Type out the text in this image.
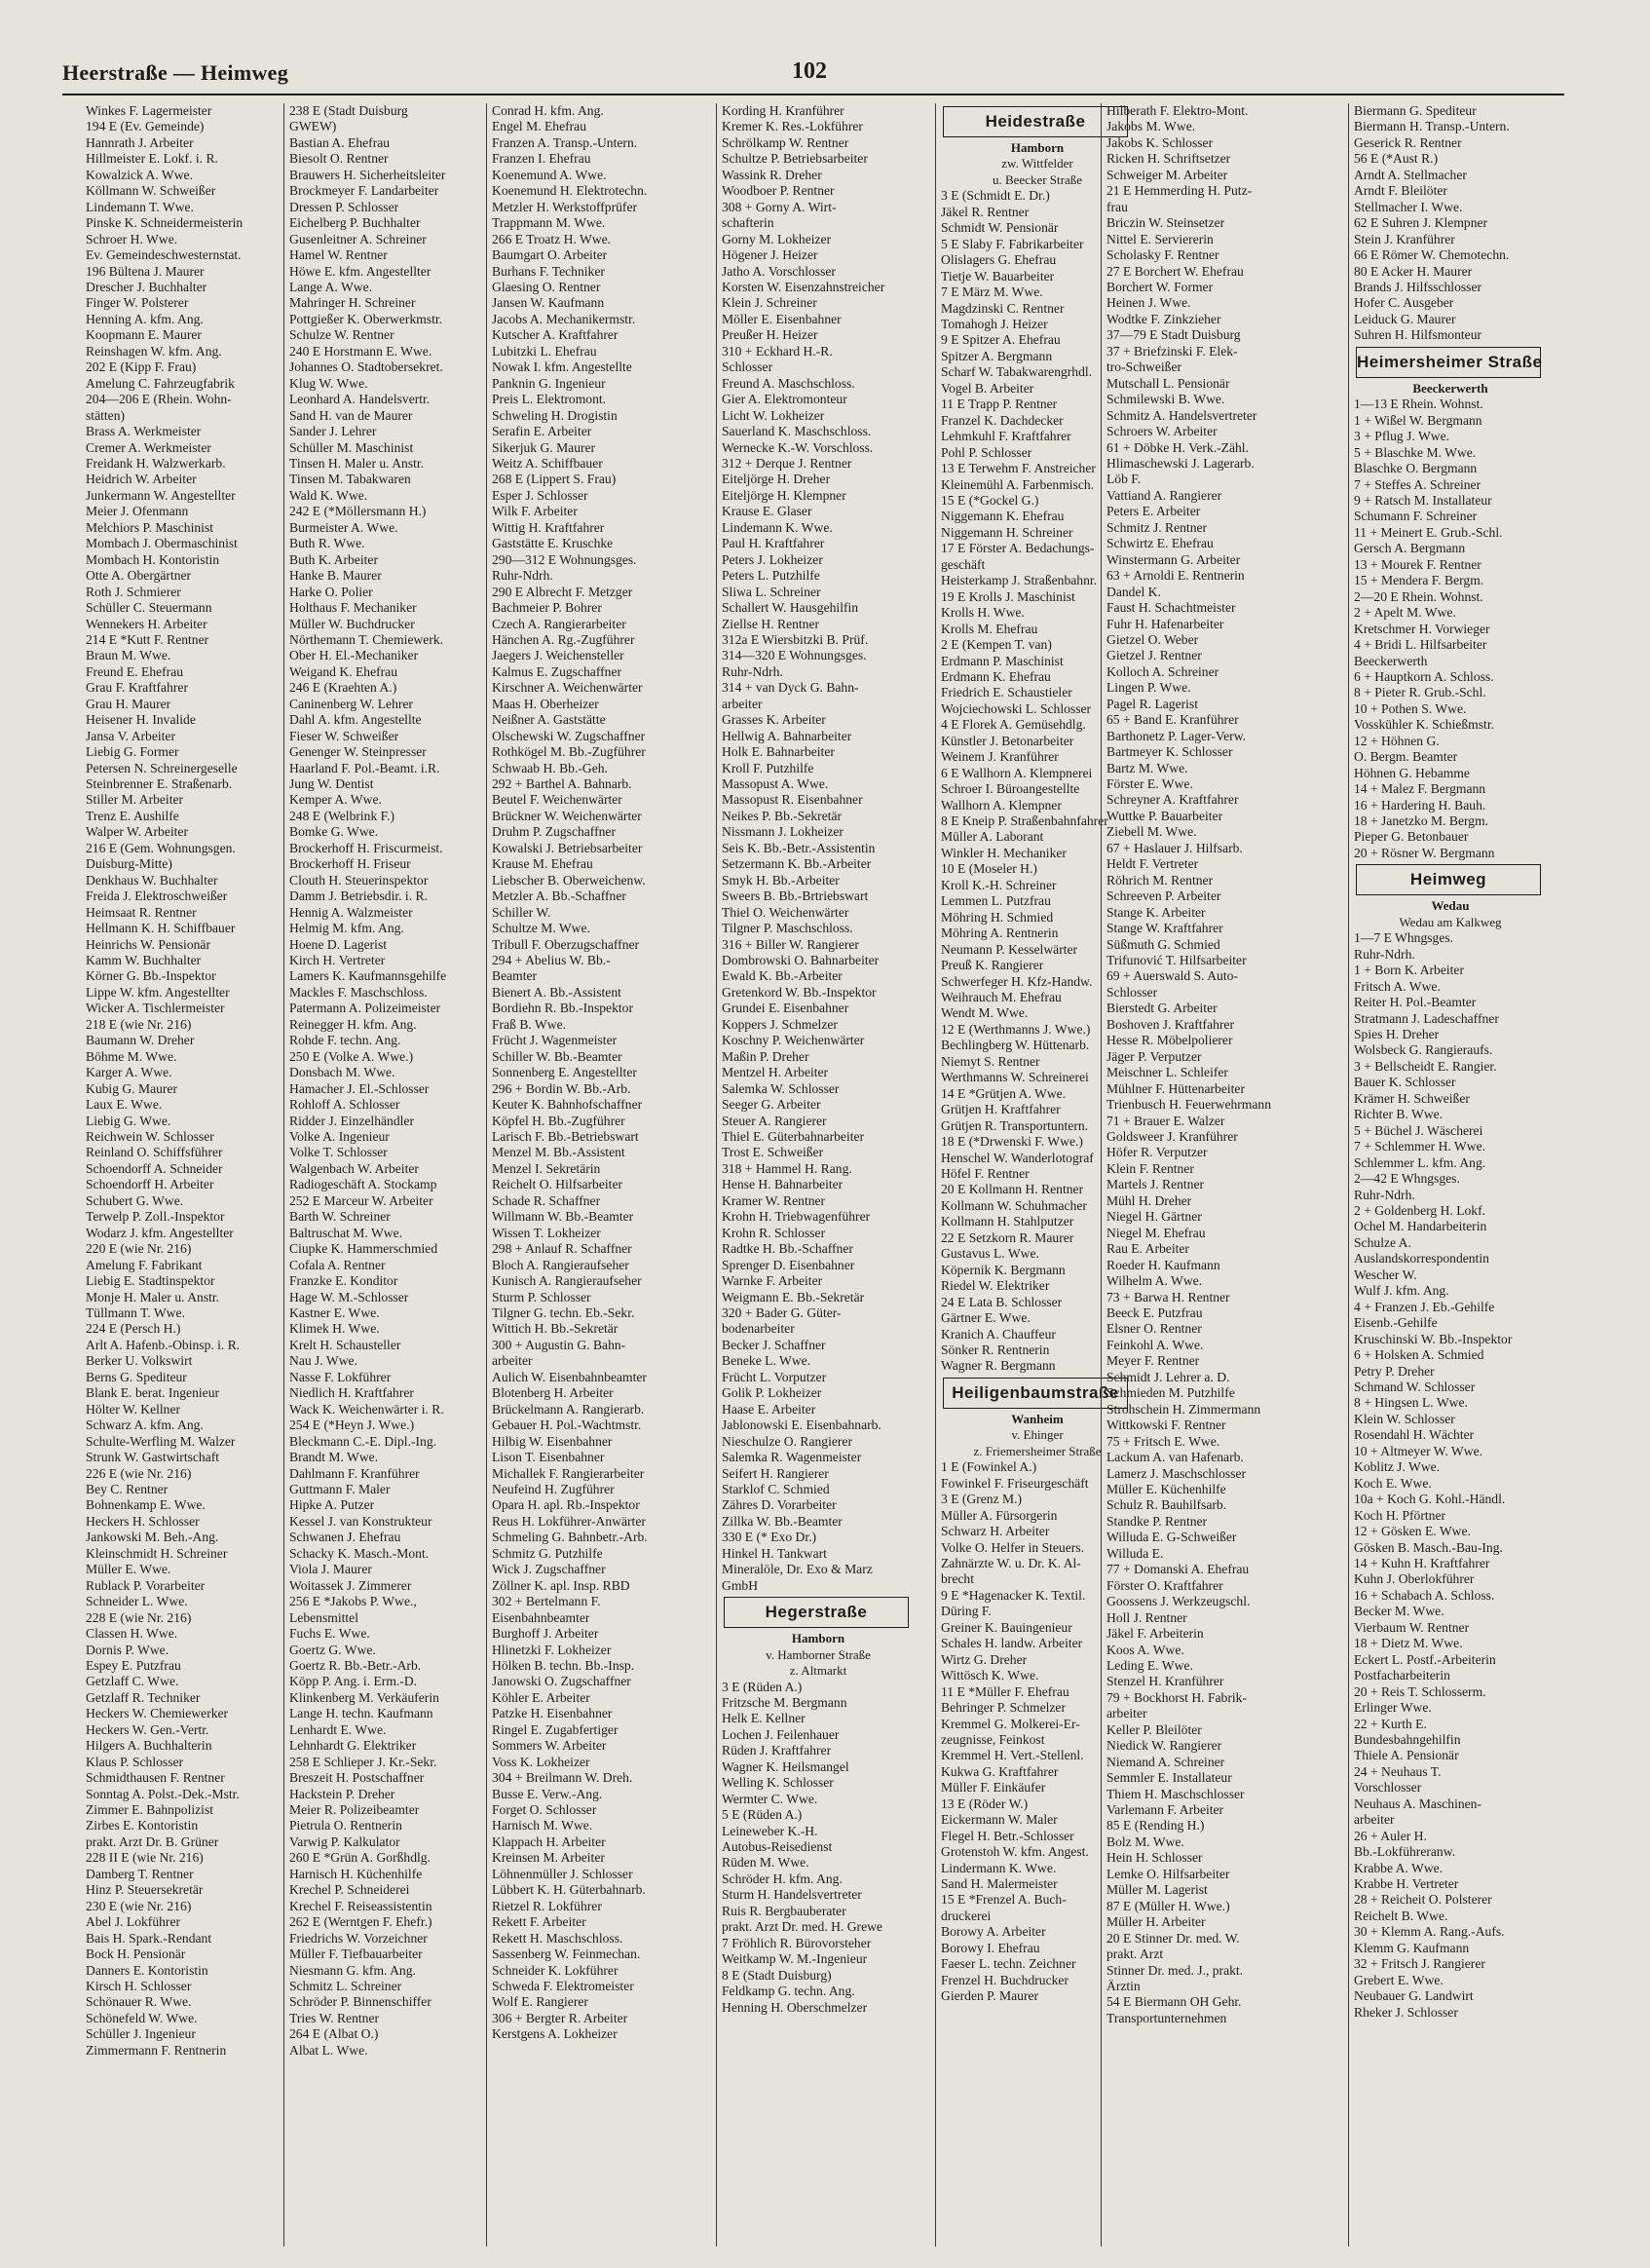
Heerstraße — Heimweg	102
Winkes F. Lagermeister
194 E (Ev. Gemeinde)
Hannrath J. Arbeiter
Hillmeister E. Lokf. i. R.
Kowalzick A. Wwe.
Köllmann W. Schweißer
Lindemann T. Wwe.
Pinske K. Schneidermeisterin
Schroer H. Wwe.
Ev. Gemeindeschwesternstat.
196 Bültena J. Maurer
Drescher J. Buchhalter
Finger W. Polsterer
Henning A. kfm. Ang.
Koopmann E. Maurer
Reinshagen W. kfm. Ang.
202 E (Kipp F. Frau)
Amelung C. Fahrzeugfabrik
204—206 E (Rhein. Wohn-
stätten)
Brass A. Werkmeister
Cremer A. Werkmeister
Freidank H. Walzwerkarb.
Heidrich W. Arbeiter
Junkermann W. Angestellter
Meier J. Ofenmann
Melchiors P. Maschinist
Mombach J. Obermaschinist
Mombach H. Kontoristin
Otte A. Obergärtner
Roth J. Schmierer
Schüller C. Steuermann
Wennekers H. Arbeiter
214 E *Kutt F. Rentner
Braun M. Wwe.
Freund E. Ehefrau
Grau F. Kraftfahrer
Grau H. Maurer
Heisener H. Invalide
Jansa V. Arbeiter
Liebig G. Former
Petersen N. Schreinergeselle
Steinbrenner E. Straßenarb.
Stiller M. Arbeiter
Trenz E. Aushilfe
Walper W. Arbeiter
216 E (Gem. Wohnungsgen.
Duisburg-Mitte)
Denkhaus W. Buchhalter
Freida J. Elektroschweißer
Heimsaat R. Rentner
Hellmann K. H. Schiffbauer
Heinrichs W. Pensionär
Kamm W. Buchhalter
Körner G. Bb.-Inspektor
Lippe W. kfm. Angestellter
Wicker A. Tischlermeister
218 E (wie Nr. 216)
Baumann W. Dreher
Böhme M. Wwe.
Karger A. Wwe.
Kubig G. Maurer
Laux E. Wwe.
Liebig G. Wwe.
Reichwein W. Schlosser
Reinland O. Schiffsführer
Schoendorff A. Schneider
Schoendorff H. Arbeiter
Schubert G. Wwe.
Terwelp P. Zoll.-Inspektor
Wodarz J. kfm. Angestellter
220 E (wie Nr. 216)
Amelung F. Fabrikant
Liebig E. Stadtinspektor
Monje H. Maler u. Anstr.
Tüllmann T. Wwe.
224 E (Persch H.)
Arlt A. Hafenb.-Obinsp. i. R.
Berker U. Volkswirt
Berns G. Spediteur
Blank E. berat. Ingenieur
Hölter W. Kellner
Schwarz A. kfm. Ang.
Schulte-Werfling M. Walzer
Strunk W. Gastwirtschaft
226 E (wie Nr. 216)
Bey C. Rentner
Bohnenkamp E. Wwe.
Heckers H. Schlosser
Jankowski M. Beh.-Ang.
Kleinschmidt H. Schreiner
Müller E. Wwe.
Rublack P. Vorarbeiter
Schneider L. Wwe.
228 E (wie Nr. 216)
Classen H. Wwe.
Dornis P. Wwe.
Espey E. Putzfrau
Getzlaff C. Wwe.
Getzlaff R. Techniker
Heckers W. Chemiewerker
Heckers W. Gen.-Vertr.
Hilgers A. Buchhalterin
Klaus P. Schlosser
Schmidthausen F. Rentner
Sonntag A. Polst.-Dek.-Mstr.
Zimmer E. Bahnpolizist
Zirbes E. Kontoristin
prakt. Arzt Dr. B. Grüner
228 II E (wie Nr. 216)
Damberg T. Rentner
Hinz P. Steuersekretär
230 E (wie Nr. 216)
Abel J. Lokführer
Bais H. Spark.-Rendant
Bock H. Pensionär
Danners E. Kontoristin
Kirsch H. Schlosser
Schönauer R. Wwe.
Schönefeld W. Wwe.
Schüller J. Ingenieur
Zimmermann F. Rentnerin
238 E (Stadt Duisburg
GWEW)
Bastian A. Ehefrau
Biesolt O. Rentner
Brauwers H. Sicherheitsleiter
Brockmeyer F. Landarbeiter
Dressen P. Schlosser
Eichelberg P. Buchhalter
Gusenleitner A. Schreiner
Hamel W. Rentner
Höwe E. kfm. Angestellter
Lange A. Wwe.
Mahringer H. Schreiner
Pottgießer K. Oberwerkmstr.
Schulze W. Rentner
240 E Horstmann E. Wwe.
Johannes O. Stadtobersekret.
Klug W. Wwe.
Leonhard A. Handelsvertr.
Sand H. van de Maurer
Sander J. Lehrer
Schüller M. Maschinist
Tinsen H. Maler u. Anstr.
Tinsen M. Tabakwaren
Wald K. Wwe.
242 E (*Möllersmann H.)
Burmeister A. Wwe.
Buth R. Wwe.
Buth K. Arbeiter
Hanke B. Maurer
Harke O. Polier
Holthaus F. Mechaniker
Müller W. Buchdrucker
Nörthemann T. Chemiewerk.
Ober H. El.-Mechaniker
Weigand K. Ehefrau
246 E (Kraehten A.)
Caninenberg W. Lehrer
Dahl A. kfm. Angestellte
Fieser W. Schweißer
Genenger W. Steinpresser
Haarland F. Pol.-Beamt. i.R.
Jung W. Dentist
Kemper A. Wwe.
248 E (Welbrink F.)
Bomke G. Wwe.
Brockerhoff H. Friscurmeist.
Brockerhoff H. Friseur
Clouth H. Steuerinspektor
Damm J. Betriebsdir. i. R.
Hennig A. Walzmeister
Helmig M. kfm. Ang.
Hoene D. Lagerist
Kirch H. Vertreter
Lamers K. Kaufmannsgehilfe
Mackles F. Maschschloss.
Patermann A. Polizeimeister
Reinegger H. kfm. Ang.
Rohde F. techn. Ang.
250 E (Volke A. Wwe.)
Donsbach M. Wwe.
Hamacher J. El.-Schlosser
Rohloff A. Schlosser
Ridder J. Einzelhändler
Volke A. Ingenieur
Volke T. Schlosser
Walgenbach W. Arbeiter
Radiogeschäft A. Stockamp
252 E Marceur W. Arbeiter
Barth W. Schreiner
Baltruschat M. Wwe.
Ciupke K. Hammerschmied
Cofala A. Rentner
Franzke E. Konditor
Hage W. M.-Schlosser
Kastner E. Wwe.
Klimek H. Wwe.
Krelt H. Schausteller
Nau J. Wwe.
Nasse F. Lokführer
Niedlich H. Kraftfahrer
Wack K. Weichenwärter i. R.
254 E (*Heyn J. Wwe.)
Bleckmann C.-E. Dipl.-Ing.
Brandt M. Wwe.
Dahlmann F. Kranführer
Guttmann F. Maler
Hipke A. Putzer
Kessel J. van Konstrukteur
Schwanen J. Ehefrau
Schacky K. Masch.-Mont.
Viola J. Maurer
Woitassek J. Zimmerer
256 E *Jakobs P. Wwe.,
Lebensmittel
Fuchs E. Wwe.
Goertz G. Wwe.
Goertz R. Bb.-Betr.-Arb.
Köpp P. Ang. i. Erm.-D.
Klinkenberg M. Verkäuferin
Lange H. techn. Kaufmann
Lenhardt E. Wwe.
Lehnhardt G. Elektriker
258 E Schlieper J. Kr.-Sekr.
Breszeit H. Postschaffner
Hackstein P. Dreher
Meier R. Polizeibeamter
Pietrula O. Rentnerin
Varwig P. Kalkulator
260 E *Grün A. Gorßhdlg.
Harnisch H. Küchenhilfe
Krechel P. Schneiderei
Krechel F. Reiseassistentin
262 E (Werntgen F. Ehefr.)
Friedrichs W. Vorzeichner
Müller F. Tiefbauarbeiter
Niesmann G. kfm. Ang.
Schmitz L. Schreiner
Schröder P. Binnenschiffer
Tries W. Rentner
264 E (Albat O.)
Albat L. Wwe.
Conrad H. kfm. Ang.
Engel M. Ehefrau
Franzen A. Transp.-Untern.
Franzen I. Ehefrau
Koenemund A. Wwe.
Koenemund H. Elektrotechn.
Metzler H. Werkstoffprüfer
Trappmann M. Wwe.
266 E Troatz H. Wwe.
Baumgart O. Arbeiter
Burhans F. Techniker
Glaesing O. Rentner
Jansen W. Kaufmann
Jacobs A. Mechanikermstr.
Kutscher A. Kraftfahrer
Lubitzki L. Ehefrau
Nowak I. kfm. Angestellte
Panknin G. Ingenieur
Preis L. Elektromont.
Schweling H. Drogistin
Serafin E. Arbeiter
Sikerjuk G. Maurer
Weitz A. Schiffbauer
268 E (Lippert S. Frau)
Esper J. Schlosser
Wilk F. Arbeiter
Wittig H. Kraftfahrer
Gaststätte E. Kruschke
290—312 E Wohnungsges.
Ruhr-Ndrh.
290 E Albrecht F. Metzger
Bachmeier P. Bohrer
Czech A. Rangierarbeiter
Hänchen A. Rg.-Zugführer
Jaegers J. Weichensteller
Kalmus E. Zugschaffner
Kirschner A. Weichenwärter
Maas H. Oberheizer
Neißner A. Gaststätte
Olschewski W. Zugschaffner
Rothkögel M. Bb.-Zugführer
Schwaab H. Bb.-Geh.
292 + Barthel A. Bahnarb.
Beutel F. Weichenwärter
Brückner W. Weichenwärter
Druhm P. Zugschaffner
Kowalski J. Betriebsarbeiter
Krause M. Ehefrau
Liebscher B. Oberweichenw.
Metzler A. Bb.-Schaffner
Schiller W.
Schultze M. Wwe.
Tribull F. Oberzugschaffner
294 + Abelius W. Bb.-
Beamter
Bienert A. Bb.-Assistent
Bordiehn R. Bb.-Inspektor
Fraß B. Wwe.
Frücht J. Wagenmeister
Schiller W. Bb.-Beamter
Sonnenberg E. Angestellter
296 + Bordin W. Bb.-Arb.
Keuter K. Bahnhofschaffner
Köpfel H. Bb.-Zugführer
Larisch F. Bb.-Betriebswart
Menzel M. Bb.-Assistent
Menzel I. Sekretärin
Reichelt O. Hilfsarbeiter
Schade R. Schaffner
Willmann W. Bb.-Beamter
Wissen T. Lokheizer
298 + Anlauf R. Schaffner
Bloch A. Rangieraufseher
Kunisch A. Rangieraufseher
Sturm P. Schlosser
Tilgner G. techn. Eb.-Sekr.
Wittich H. Bb.-Sekretär
300 + Augustin G. Bahn-
arbeiter
Aulich W. Eisenbahnbeamter
Blotenberg H. Arbeiter
Brückelmann A. Rangierarb.
Gebauer H. Pol.-Wachtmstr.
Hilbig W. Eisenbahner
Lison T. Eisenbahner
Michallek F. Rangierarbeiter
Neufeind H. Zugführer
Opara H. apl. Rb.-Inspektor
Reus H. Lokführer-Anwärter
Schmeling G. Bahnbetr.-Arb.
Schmitz G. Putzhilfe
Wick J. Zugschaffner
Zöllner K. apl. Insp. RBD
302 + Bertelmann F.
Eisenbahnbeamter
Burghoff J. Arbeiter
Hlinetzki F. Lokheizer
Hölken B. techn. Bb.-Insp.
Janowski O. Zugschaffner
Köhler E. Arbeiter
Patzke H. Eisenbahner
Ringel E. Zugabfertiger
Sommers W. Arbeiter
Voss K. Lokheizer
304 + Breilmann W. Dreh.
Busse E. Verw.-Ang.
Forget O. Schlosser
Harnisch M. Wwe.
Klappach H. Arbeiter
Kreinsen M. Arbeiter
Löhnenmüller J. Schlosser
Lübbert K. H. Güterbahnarb.
Rietzel R. Lokführer
Rekett F. Arbeiter
Rekett H. Maschschloss.
Sassenberg W. Feinmechan.
Schneider K. Lokführer
Schweda F. Elektromeister
Wolf E. Rangierer
306 + Bergter R. Arbeiter
Kerstgens A. Lokheizer
Kording H. Kranführer
Kremer K. Res.-Lokführer
Schrölkamp W. Rentner
Schultze P. Betriebsarbeiter
Wassink R. Dreher
Woodboer P. Rentner
308 + Gorny A. Wirt-
schafterin
Gorny M. Lokheizer
Högener J. Heizer
Jatho A. Vorschlosser
Korsten W. Eisenzahnstreicher
Klein J. Schreiner
Möller E. Eisenbahner
Preußer H. Heizer
310 + Eckhard H.-R.
Schlosser
Freund A. Maschschloss.
Gier A. Elektromonteur
Licht W. Lokheizer
Sauerland K. Maschschloss.
Wernecke K.-W. Vorschloss.
312 + Derque J. Rentner
Eiteljörge H. Dreher
Eiteljörge H. Klempner
Krause E. Glaser
Lindemann K. Wwe.
Paul H. Kraftfahrer
Peters J. Lokheizer
Peters L. Putzhilfe
Sliwa L. Schreiner
Schallert W. Hausgehilfin
Ziellse H. Rentner
312a E Wiersbitzki B. Prüf.
314—320 E Wohnungsges.
Ruhr-Ndrh.
314 + van Dyck G. Bahn-
arbeiter
Grasses K. Arbeiter
Hellwig A. Bahnarbeiter
Holk E. Bahnarbeiter
Kroll F. Putzhilfe
Massopust A. Wwe.
Massopust R. Eisenbahner
Neikes P. Bb.-Sekretär
Nissmann J. Lokheizer
Seis K. Bb.-Betr.-Assistentin
Setzermann K. Bb.-Arbeiter
Smyk H. Bb.-Arbeiter
Sweers B. Bb.-Brtriebswart
Thiel O. Weichenwärter
Tilgner P. Maschschloss.
316 + Biller W. Rangierer
Dombrowski O. Bahnarbeiter
Ewald K. Bb.-Arbeiter
Gretenkord W. Bb.-Inspektor
Grundei E. Eisenbahner
Koppers J. Schmelzer
Koschny P. Weichenwärter
Maßin P. Dreher
Mentzel H. Arbeiter
Salemka W. Schlosser
Seeger G. Arbeiter
Steuer A. Rangierer
Thiel E. Güterbahnarbeiter
Trost E. Schweißer
318 + Hammel H. Rang.
Hense H. Bahnarbeiter
Kramer W. Rentner
Krohn H. Triebwagenführer
Krohn R. Schlosser
Radtke H. Bb.-Schaffner
Sprenger D. Eisenbahner
Warnke F. Arbeiter
Weigmann E. Bb.-Sekretär
320 + Bader G. Güter-
bodenarbeiter
Becker J. Schaffner
Beneke L. Wwe.
Frücht L. Vorputzer
Golik P. Lokheizer
Haase E. Arbeiter
Jablonowski E. Eisenbahnarb.
Nieschulze O. Rangierer
Salemka R. Wagenmeister
Seifert H. Rangierer
Starklof C. Schmied
Zähres D. Vorarbeiter
Zillka W. Bb.-Beamter
330 E (* Exo Dr.)
Hinkel H. Tankwart
Mineralöle, Dr. Exo & Marz
GmbH
Hegerstraße
Hamborn
v. Hamborner Straße
z. Altmarkt
3 E (Rüden A.)
Fritzsche M. Bergmann
Helk E. Kellner
Lochen J. Feilenhauer
Rüden J. Kraftfahrer
Wagner K. Heilsmangel
Welling K. Schlosser
Wermter C. Wwe.
5 E (Rüden A.)
Leineweber K.-H.
Autobus-Reisedienst
Rüden M. Wwe.
Schröder H. kfm. Ang.
Sturm H. Handelsvertreter
Ruis R. Bergbauberater
prakt. Arzt Dr. med. H. Grewe
7 Fröhlich R. Bürovorsteher
Weitkamp W. M.-Ingenieur
8 E (Stadt Duisburg)
Feldkamp G. techn. Ang.
Henning H. Oberschmelzer
Heidestraße
Hamborn
zw. Wittfelder
u. Beecker Straße
3 E (Schmidt E. Dr.)
Jäkel R. Rentner
Schmidt W. Pensionär
5 E Slaby F. Fabrikarbeiter
Olislagers G. Ehefrau
Tietje W. Bauarbeiter
7 E März M. Wwe.
Magdzinski C. Rentner
Tomahogh J. Heizer
9 E Spitzer A. Ehefrau
Spitzer A. Bergmann
Scharf W. Tabakwarengrhdl.
Vogel B. Arbeiter
11 E Trapp P. Rentner
Franzel K. Dachdecker
Lehmkuhl F. Kraftfahrer
Pohl P. Schlosser
13 E Terwehm F. Anstreicher
Kleinemühl A. Farbenmisch.
15 E (*Gockel G.)
Niggemann K. Ehefrau
Niggemann H. Schreiner
17 E Förster A. Bedachungs-
geschäft
Heisterkamp J. Straßenbahnr.
19 E Krolls J. Maschinist
Krolls H. Wwe.
Krolls M. Ehefrau
2 E (Kempen T. van)
Erdmann P. Maschinist
Erdmann K. Ehefrau
Friedrich E. Schaustieler
Wojciechowski L. Schlosser
4 E Florek A. Gemüsehdlg.
Künstler J. Betonarbeiter
Weinem J. Kranführer
6 E Wallhorn A. Klempnerei
Schroer I. Büroangestellte
Wallhorn A. Klempner
8 E Kneip P. Straßenbahnfahrer
Müller A. Laborant
Winkler H. Mechaniker
10 E (Moseler H.)
Kroll K.-H. Schreiner
Lemmen L. Putzfrau
Möhring H. Schmied
Möhring A. Rentnerin
Neumann P. Kesselwärter
Preuß K. Rangierer
Schwerfeger H. Kfz-Handw.
Weihrauch M. Ehefrau
Wendt M. Wwe.
12 E (Werthmanns J. Wwe.)
Bechlingberg W. Hüttenarb.
Niemyt S. Rentner
Werthmanns W. Schreinerei
14 E *Grütjen A. Wwe.
Grütjen H. Kraftfahrer
Grütjen R. Transportuntern.
18 E (*Drwenski F. Wwe.)
Henschel W. Wanderlotograf
Höfel F. Rentner
20 E Kollmann H. Rentner
Kollmann W. Schuhmacher
Kollmann H. Stahlputzer
22 E Setzkorn R. Maurer
Gustavus L. Wwe.
Köpernik K. Bergmann
Riedel W. Elektriker
24 E Lata B. Schlosser
Gärtner E. Wwe.
Kranich A. Chauffeur
Sönker R. Rentnerin
Wagner R. Bergmann
Heiligenbaumstraße
Wanheim
v. Ehinger
z. Friemersheimer Straße
1 E (Fowinkel A.)
Fowinkel F. Friseurgeschäft
3 E (Grenz M.)
Müller A. Fürsorgerin
Schwarz H. Arbeiter
Volke O. Helfer in Steuers.
Zahnärzte W. u. Dr. K. Al-
brecht
9 E *Hagenacker K. Textil.
Düring F.
Greiner K. Bauingenieur
Schales H. landw. Arbeiter
Wirtz G. Dreher
Wittösch K. Wwe.
11 E *Müller F. Ehefrau
Behringer P. Schmelzer
Kremmel G. Molkerei-Er-
zeugnisse, Feinkost
Kremmel H. Vert.-Stellenl.
Kukwa G. Kraftfahrer
Müller F. Einkäufer
13 E (Röder W.)
Eickermann W. Maler
Flegel H. Betr.-Schlosser
Grotenstoh W. kfm. Angest.
Lindermann K. Wwe.
Sand H. Malermeister
15 E *Frenzel A. Buch-
druckerei
Borowy A. Arbeiter
Borowy I. Ehefrau
Faeser L. techn. Zeichner
Frenzel H. Buchdrucker
Gierden P. Maurer
Hilberath F. Elektro-Mont.
Jakobs M. Wwe.
Jakobs K. Schlosser
Ricken H. Schriftsetzer
Schweiger M. Arbeiter
21 E Hemmerding H. Putz-
frau
Briczin W. Steinsetzer
Nittel E. Serviererin
Scholasky F. Rentner
27 E Borchert W. Ehefrau
Borchert W. Former
Heinen J. Wwe.
Wodtke F. Zinkzieher
37—79 E Stadt Duisburg
37 + Briefzinski F. Elek-
tro-Schweißer
Mutschall L. Pensionär
Schmilewski B. Wwe.
Schmitz A. Handelsvertreter
Schroers W. Arbeiter
61 + Döbke H. Verk.-Zähl.
Hlimaschewski J. Lagerarb.
Löb F.
Vattiand A. Rangierer
Peters E. Arbeiter
Schmitz J. Rentner
Schwirtz E. Ehefrau
Winstermann G. Arbeiter
63 + Arnoldi E. Rentnerin
Dandel K.
Faust H. Schachtmeister
Fuhr H. Hafenarbeiter
Gietzel O. Weber
Gietzel J. Rentner
Kolloch A. Schreiner
Lingen P. Wwe.
Pagel R. Lagerist
65 + Band E. Kranführer
Barthonetz P. Lager-Verw.
Bartmeyer K. Schlosser
Bartz M. Wwe.
Förster E. Wwe.
Schreyner A. Kraftfahrer
Wuttke P. Bauarbeiter
Ziebell M. Wwe.
67 + Haslauer J. Hilfsarb.
Heldt F. Vertreter
Röhrich M. Rentner
Schreeven P. Arbeiter
Stange K. Arbeiter
Stange W. Kraftfahrer
Süßmuth G. Schmied
Trifunović T. Hilfsarbeiter
69 + Auerswald S. Auto-
Schlosser
Bierstedt G. Arbeiter
Boshoven J. Kraftfahrer
Hesse R. Möbelpolierer
Jäger P. Verputzer
Meischner L. Schleifer
Mühlner F. Hüttenarbeiter
Trienbusch H. Feuerwehrmann
71 + Brauer E. Walzer
Goldsweer J. Kranführer
Höfer R. Verputzer
Klein F. Rentner
Martels J. Rentner
Mühl H. Dreher
Niegel H. Gärtner
Niegel M. Ehefrau
Rau E. Arbeiter
Roeder H. Kaufmann
Wilhelm A. Wwe.
73 + Barwa H. Rentner
Beeck E. Putzfrau
Elsner O. Rentner
Feinkohl A. Wwe.
Meyer F. Rentner
Schmidt J. Lehrer a. D.
Schmieden M. Putzhilfe
Strohschein H. Zimmermann
Wittkowski F. Rentner
75 + Fritsch E. Wwe.
Lackum A. van Hafenarb.
Lamerz J. Maschschlosser
Müller E. Küchenhilfe
Schulz R. Bauhilfsarb.
Standke P. Rentner
Willuda E. G-Schweißer
Willuda E.
77 + Domanski A. Ehefrau
Förster O. Kraftfahrer
Goossens J. Werkzeugschl.
Holl J. Rentner
Jäkel F. Arbeiterin
Koos A. Wwe.
Leding E. Wwe.
Stenzel H. Kranführer
79 + Bockhorst H. Fabrik-
arbeiter
Keller P. Bleilöter
Niedick W. Rangierer
Niemand A. Schreiner
Semmler E. Installateur
Thiem H. Maschschlosser
Varlemann F. Arbeiter
85 E (Rending H.)
Bolz M. Wwe.
Hein H. Schlosser
Lemke O. Hilfsarbeiter
Müller M. Lagerist
87 E (Müller H. Wwe.)
Müller H. Arbeiter
20 E Stinner Dr. med. W.
prakt. Arzt
Stinner Dr. med. J., prakt.
Ärztin
54 E Biermann OH Gehr.
Transportunternehmen
Biermann G. Spediteur
Biermann H. Transp.-Untern.
Geserick R. Rentner
56 E (*Aust R.)
Arndt A. Stellmacher
Arndt F. Bleilöter
Stellmacher I. Wwe.
62 E Suhren J. Klempner
Stein J. Kranführer
66 E Römer W. Chemotechn.
80 E Acker H. Maurer
Brands J. Hilfsschlosser
Hofer C. Ausgeber
Leiduck G. Maurer
Suhren H. Hilfsmonteur
Heimersheimer Straße
Beeckerwerth
1—13 E Rhein. Wohnst.
1 + Wißel W. Bergmann
3 + Pflug J. Wwe.
5 + Blaschke M. Wwe.
Blaschke O. Bergmann
7 + Steffes A. Schreiner
9 + Ratsch M. Installateur
Schumann F. Schreiner
11 + Meinert E. Grub.-Schl.
Gersch A. Bergmann
13 + Mourek F. Rentner
15 + Mendera F. Bergm.
2—20 E Rhein. Wohnst.
2 + Apelt M. Wwe.
Kretschmer H. Vorwieger
4 + Bridi L. Hilfsarbeiter
Beeckerwerth
6 + Hauptkorn A. Schloss.
8 + Pieter R. Grub.-Schl.
10 + Pothen S. Wwe.
Vosskühler K. Schießmstr.
12 + Höhnen G.
O. Bergm. Beamter
Höhnen G. Hebamme
14 + Malez F. Bergmann
16 + Hardering H. Bauh.
18 + Janetzko M. Bergm.
Pieper G. Betonbauer
20 + Rösner W. Bergmann
Heimweg
Wedau
Wedau am Kalkweg
1—7 E Whngsges.
Ruhr-Ndrh.
1 + Born K. Arbeiter
Fritsch A. Wwe.
Reiter H. Pol.-Beamter
Stratmann J. Ladeschaffner
Spies H. Dreher
Wolsbeck G. Rangieraufs.
3 + Bellscheidt E. Rangier.
Bauer K. Schlosser
Krämer H. Schweißer
Richter B. Wwe.
5 + Büchel J. Wäscherei
7 + Schlemmer H. Wwe.
Schlemmer L. kfm. Ang.
2—42 E Whngsges.
Ruhr-Ndrh.
2 + Goldenberg H. Lokf.
Ochel M. Handarbeiterin
Schulze A.
Auslandskorrespondentin
Wescher W.
Wulf J. kfm. Ang.
4 + Franzen J. Eb.-Gehilfe
Eisenb.-Gehilfe
Kruschinski W. Bb.-Inspektor
6 + Holsken A. Schmied
Petry P. Dreher
Schmand W. Schlosser
8 + Hingsen L. Wwe.
Klein W. Schlosser
Rosendahl H. Wächter
10 + Altmeyer W. Wwe.
Koblitz J. Wwe.
Koch E. Wwe.
10a + Koch G. Kohl.-Händl.
Koch H. Pförtner
12 + Gösken E. Wwe.
Gösken B. Masch.-Bau-Ing.
14 + Kuhn H. Kraftfahrer
Kuhn J. Oberlokführer
16 + Schabach A. Schloss.
Becker M. Wwe.
Vierbaum W. Rentner
18 + Dietz M. Wwe.
Eckert L. Postf.-Arbeiterin
Postfacharbeiterin
20 + Reis T. Schlosserm.
Erlinger Wwe.
22 + Kurth E.
Bundesbahngehilfin
Thiele A. Pensionär
24 + Neuhaus T.
Vorschlosser
Neuhaus A. Maschinen-
arbeiter
26 + Auler H.
Bb.-Lokführeranw.
Krabbe A. Wwe.
Krabbe H. Vertreter
28 + Reicheit O. Polsterer
Reichelt B. Wwe.
30 + Klemm A. Rang.-Aufs.
Klemm G. Kaufmann
32 + Fritsch J. Rangierer
Grebert E. Wwe.
Neubauer G. Landwirt
Rheker J. Schlosser
